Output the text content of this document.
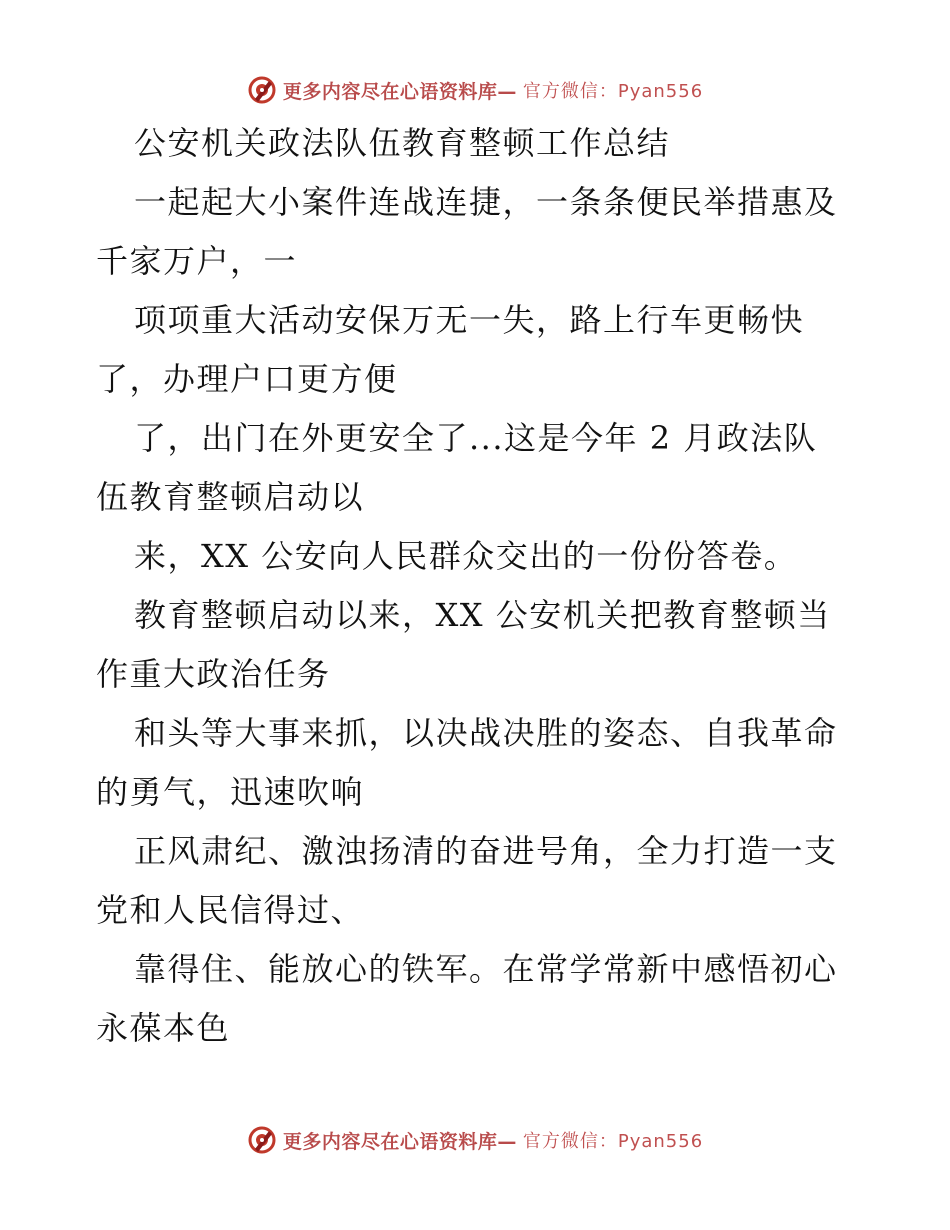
更多内容尽在心语资料库— 官方微信：Pyan556
公安机关政法队伍教育整顿工作总结
一起起大小案件连战连捷，一条条便民举措惠及
千家万户，一
项项重大活动安保万无一失，路上行车更畅快
了，办理户口更方便
了，出门在外更安全了...这是今年 2 月政法队
伍教育整顿启动以
来，XX 公安向人民群众交出的一份份答卷。
教育整顿启动以来，XX 公安机关把教育整顿当
作重大政治任务
和头等大事来抓，以决战决胜的姿态、自我革命
的勇气，迅速吹响
正风肃纪、激浊扬清的奋进号角，全力打造一支
党和人民信得过、
靠得住、能放心的铁军。在常学常新中感悟初心
永葆本色
更多内容尽在心语资料库— 官方微信：Pyan556
